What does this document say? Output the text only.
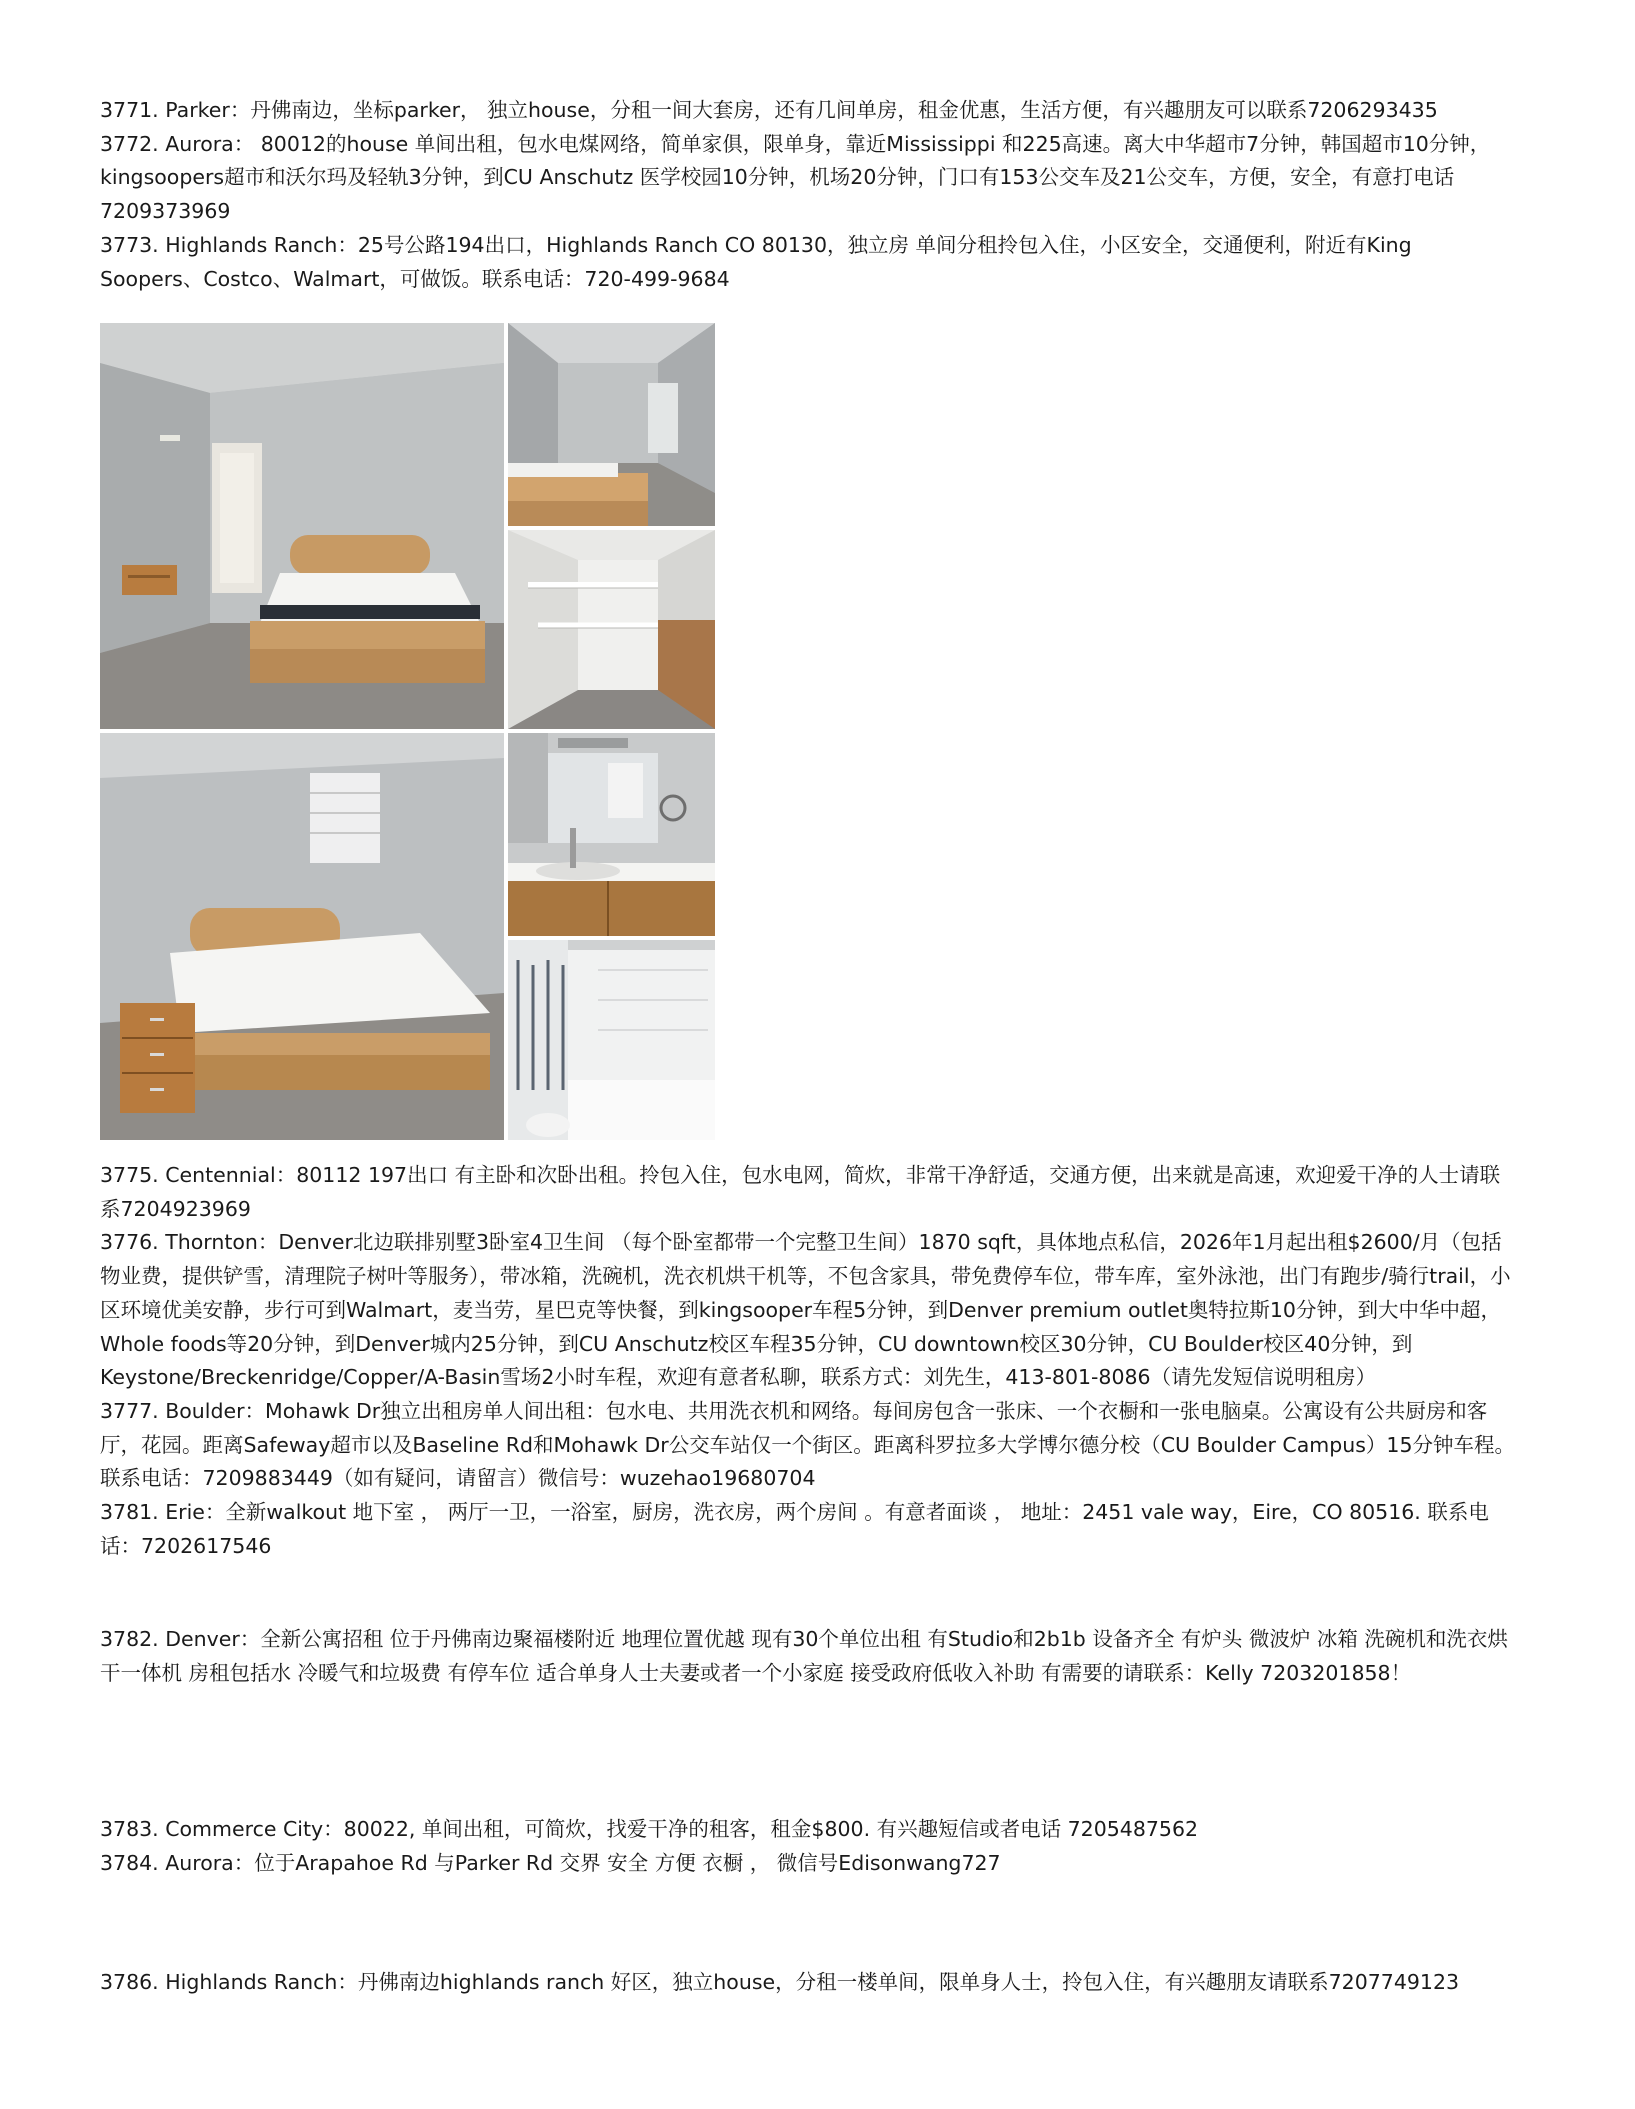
3771. Parker：丹佛南边，坐标parker， 独立house，分租一间大套房，还有几间单房，租金优惠，生活方便，有兴趣朋友可以联系7206293435

3772. Aurora： 80012的house 单间出租，包水电煤网络，简单家俱，限单身，靠近Mississippi 和225高速。离大中华超市7分钟，韩国超市10分钟，kingsoopers超市和沃尔玛及轻轨3分钟，到CU Anschutz 医学校园10分钟，机场20分钟，门口有153公交车及21公交车，方便，安全，有意打电话7209373969

3773. Highlands Ranch：25号公路194出口，Highlands Ranch CO 80130，独立房 单间分租拎包入住，小区安全，交通便利，附近有King Soopers、Costco、Walmart，可做饭。联系电话：720-499-9684

3775. Centennial：80112 197出口 有主卧和次卧出租。拎包入住，包水电网，简炊，非常干净舒适，交通方便，出来就是高速，欢迎爱干净的人士请联系7204923969

3776. Thornton：Denver北边联排别墅3卧室4卫生间 （每个卧室都带一个完整卫生间）1870 sqft，具体地点私信，2026年1月起出租$2600/月（包括物业费，提供铲雪，清理院子树叶等服务），带冰箱，洗碗机，洗衣机烘干机等，不包含家具，带免费停车位，带车库，室外泳池，出门有跑步/骑行trail，小区环境优美安静，步行可到Walmart，麦当劳，星巴克等快餐，到kingsooper车程5分钟，到Denver premium outlet奥特拉斯10分钟，到大中华中超，Whole foods等20分钟，到Denver城内25分钟，到CU Anschutz校区车程35分钟，CU downtown校区30分钟，CU Boulder校区40分钟，到Keystone/Breckenridge/Copper/A-Basin雪场2小时车程，欢迎有意者私聊，联系方式：刘先生，413-801-8086（请先发短信说明租房）

3777. Boulder：Mohawk Dr独立出租房单人间出租：包水电、共用洗衣机和网络。每间房包含一张床、一个衣橱和一张电脑桌。公寓设有公共厨房和客厅，花园。距离Safeway超市以及Baseline Rd和Mohawk Dr公交车站仅一个街区。距离科罗拉多大学博尔德分校（CU Boulder Campus）15分钟车程。联系电话：7209883449（如有疑问，请留言）微信号：wuzehao19680704

3781. Erie：全新walkout 地下室 ， 两厅一卫，一浴室，厨房，洗衣房，两个房间 。有意者面谈 ， 地址：2451 vale way，Eire，CO 80516. 联系电话：7202617546

3782. Denver：全新公寓招租 位于丹佛南边聚福楼附近 地理位置优越 现有30个单位出租 有Studio和2b1b 设备齐全 有炉头 微波炉 冰箱 洗碗机和洗衣烘干一体机 房租包括水 冷暖气和垃圾费 有停车位 适合单身人士夫妻或者一个小家庭 接受政府低收入补助 有需要的请联系：Kelly 7203201858！

3783. Commerce City：80022, 单间出租，可简炊，找爱干净的租客，租金$800. 有兴趣短信或者电话 7205487562

3784. Aurora：位于Arapahoe Rd 与Parker Rd 交界 安全 方便 衣橱 ， 微信号Edisonwang727

3786. Highlands Ranch：丹佛南边highlands ranch 好区，独立house，分租一楼单间，限单身人士，拎包入住，有兴趣朋友请联系7207749123
